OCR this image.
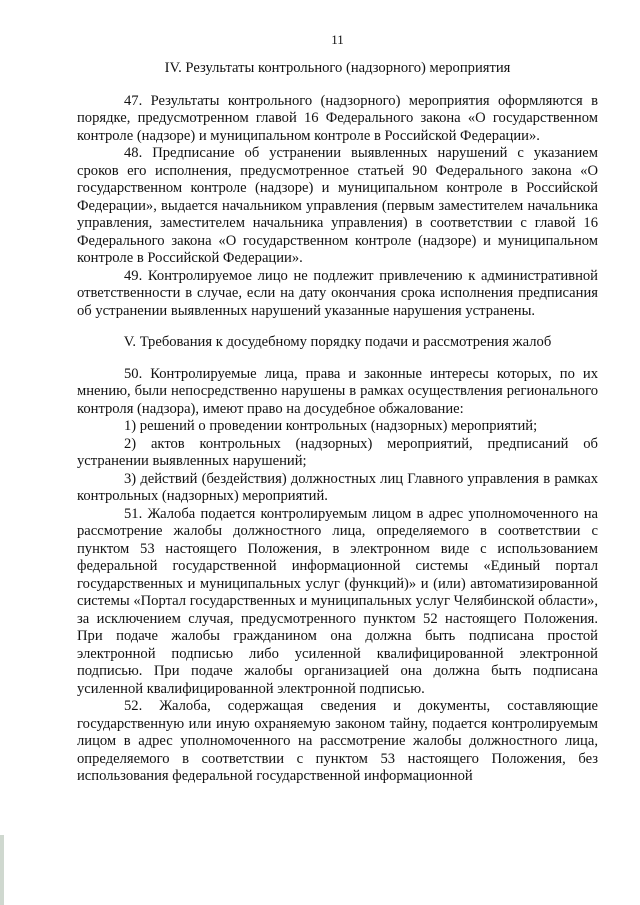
11
IV. Результаты контрольного (надзорного) мероприятия

47. Результаты контрольного (надзорного) мероприятия оформляются в порядке, предусмотренном главой 16 Федерального закона «О государственном контроле (надзоре) и муниципальном контроле в Российской Федерации».

48. Предписание об устранении выявленных нарушений с указанием сроков его исполнения, предусмотренное статьей 90 Федерального закона «О государственном контроле (надзоре) и муниципальном контроле в Российской Федерации», выдается начальником управления (первым заместителем начальника управления, заместителем начальника управления) в соответствии с главой 16 Федерального закона «О государственном контроле (надзоре) и муниципальном контроле в Российской Федерации».

49. Контролируемое лицо не подлежит привлечению к административной ответственности в случае, если на дату окончания срока исполнения предписания об устранении выявленных нарушений указанные нарушения устранены.

V. Требования к досудебному порядку подачи и рассмотрения жалоб

50. Контролируемые лица, права и законные интересы которых, по их мнению, были непосредственно нарушены в рамках осуществления регионального контроля (надзора), имеют право на досудебное обжалование:

1) решений о проведении контрольных (надзорных) мероприятий;

2) актов контрольных (надзорных) мероприятий, предписаний об устранении выявленных нарушений;

3) действий (бездействия) должностных лиц Главного управления в рамках контрольных (надзорных) мероприятий.

51. Жалоба подается контролируемым лицом в адрес уполномоченного на рассмотрение жалобы должностного лица, определяемого в соответствии с пунктом 53 настоящего Положения, в электронном виде с использованием федеральной государственной информационной системы «Единый портал государственных и муниципальных услуг (функций)» и (или) автоматизированной системы «Портал государственных и муниципальных услуг Челябинской области», за исключением случая, предусмотренного пунктом 52 настоящего Положения. При подаче жалобы гражданином она должна быть подписана простой электронной подписью либо усиленной квалифицированной электронной подписью. При подаче жалобы организацией она должна быть подписана усиленной квалифицированной электронной подписью.

52. Жалоба, содержащая сведения и документы, составляющие государственную или иную охраняемую законом тайну, подается контролируемым лицом в адрес уполномоченного на рассмотрение жалобы должностного лица, определяемого в соответствии с пунктом 53 настоящего Положения, без использования федеральной государственной информационной
